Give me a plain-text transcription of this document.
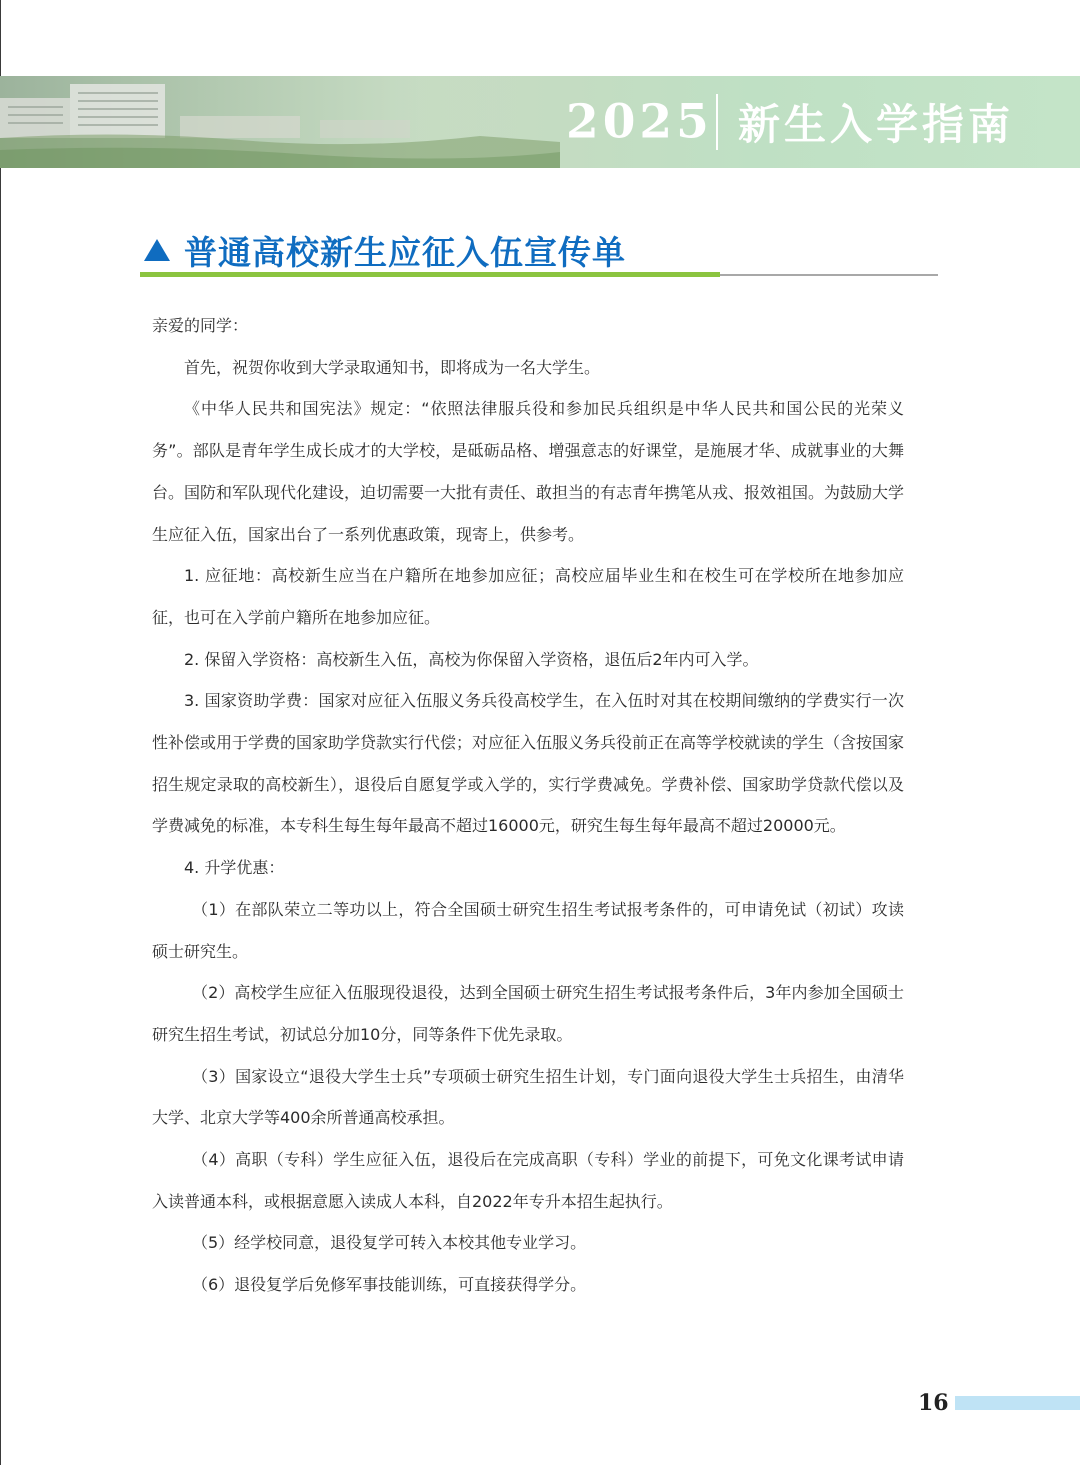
2025 新生入学指南
普通高校新生应征入伍宣传单

亲爱的同学：

首先，祝贺你收到大学录取通知书，即将成为一名大学生。

《中华人民共和国宪法》规定：“依照法律服兵役和参加民兵组织是中华人民共和国公民的光荣义务”。部队是青年学生成长成才的大学校，是砥砺品格、增强意志的好课堂，是施展才华、成就事业的大舞台。国防和军队现代化建设，迫切需要一大批有责任、敢担当的有志青年携笔从戎、报效祖国。为鼓励大学生应征入伍，国家出台了一系列优惠政策，现寄上，供参考。

1. 应征地：高校新生应当在户籍所在地参加应征；高校应届毕业生和在校生可在学校所在地参加应征，也可在入学前户籍所在地参加应征。

2. 保留入学资格：高校新生入伍，高校为你保留入学资格，退伍后2年内可入学。

3. 国家资助学费：国家对应征入伍服义务兵役高校学生，在入伍时对其在校期间缴纳的学费实行一次性补偿或用于学费的国家助学贷款实行代偿；对应征入伍服义务兵役前正在高等学校就读的学生（含按国家招生规定录取的高校新生），退役后自愿复学或入学的，实行学费减免。学费补偿、国家助学贷款代偿以及学费减免的标准，本专科生每生每年最高不超过16000元，研究生每生每年最高不超过20000元。

4. 升学优惠：

（1）在部队荣立二等功以上，符合全国硕士研究生招生考试报考条件的，可申请免试（初试）攻读硕士研究生。

（2）高校学生应征入伍服现役退役，达到全国硕士研究生招生考试报考条件后，3年内参加全国硕士研究生招生考试，初试总分加10分，同等条件下优先录取。

（3）国家设立“退役大学生士兵”专项硕士研究生招生计划，专门面向退役大学生士兵招生，由清华大学、北京大学等400余所普通高校承担。

（4）高职（专科）学生应征入伍，退役后在完成高职（专科）学业的前提下，可免文化课考试申请入读普通本科，或根据意愿入读成人本科，自2022年专升本招生起执行。

（5）经学校同意，退役复学可转入本校其他专业学习。

（6）退役复学后免修军事技能训练，可直接获得学分。

16
